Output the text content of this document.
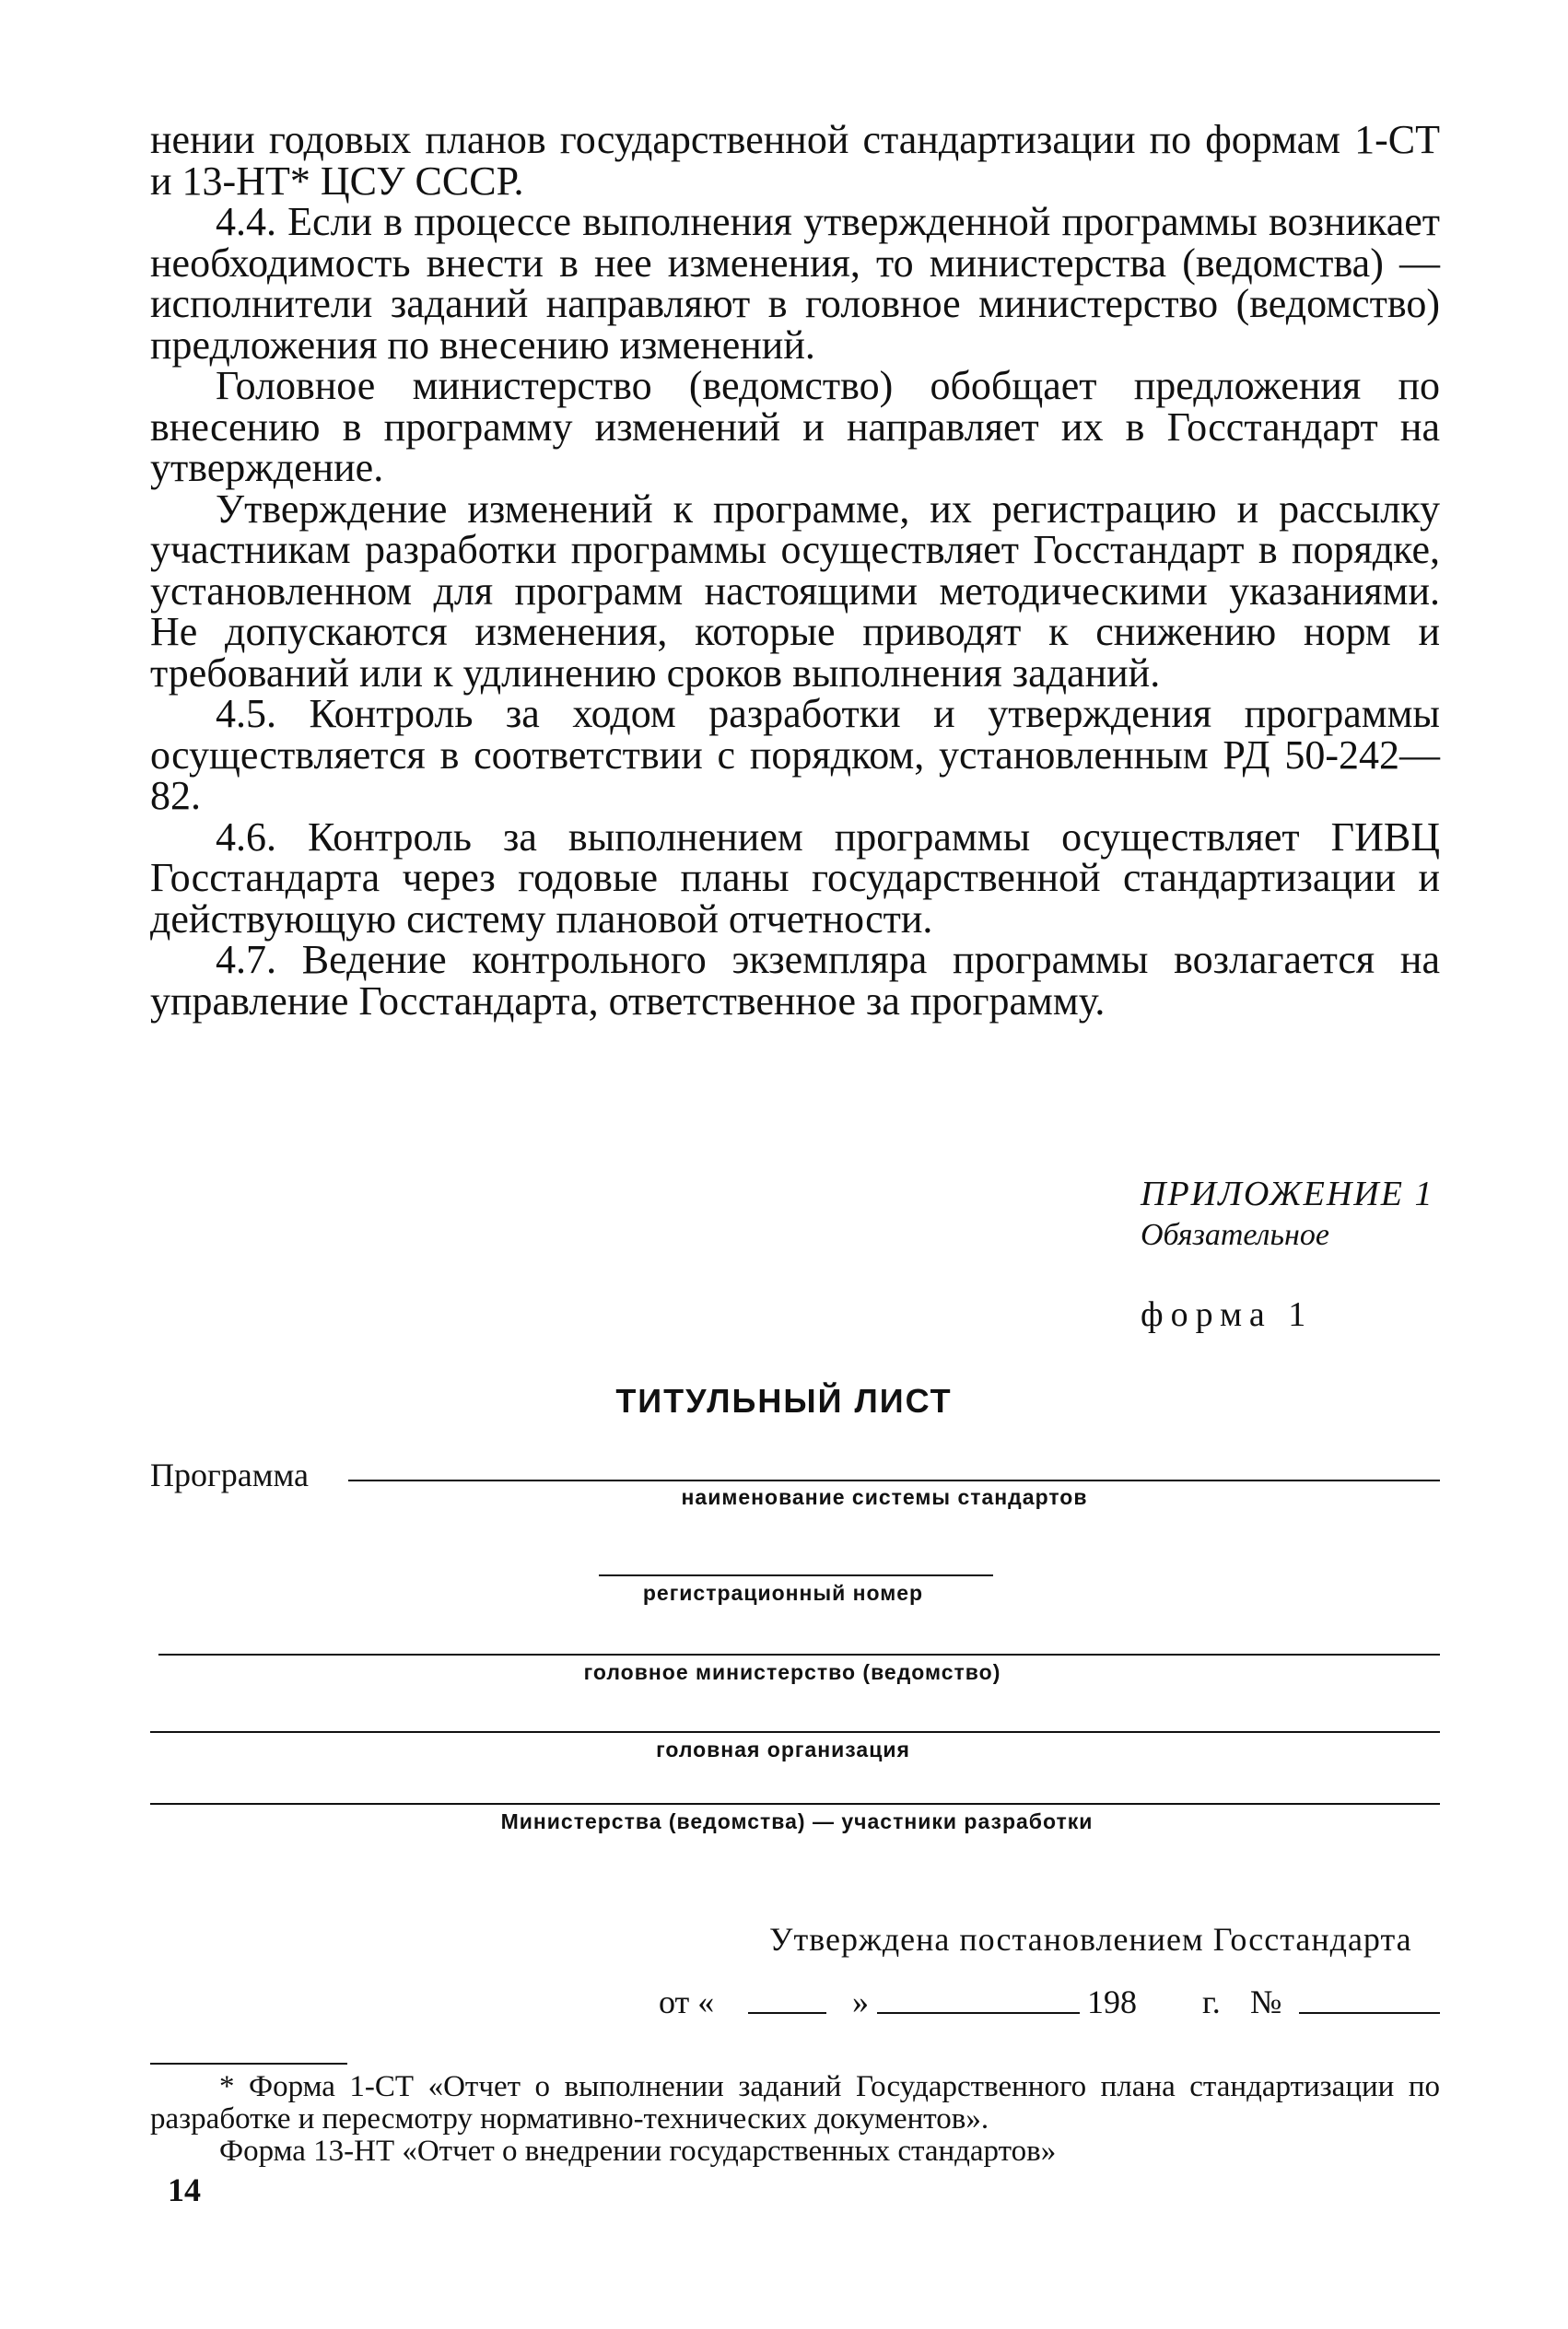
нении годовых планов государственной стандартизации по формам 1-СТ и 13-НТ* ЦСУ СССР.

4.4. Если в процессе выполнения утвержденной программы возникает необходимость внести в нее изменения, то министерства (ведомства) — исполнители заданий направляют в головное министерство (ведомство) предложения по внесению изменений.

Головное министерство (ведомство) обобщает предложения по внесению в программу изменений и направляет их в Госстандарт на утверждение.

Утверждение изменений к программе, их регистрацию и рассылку участникам разработки программы осуществляет Госстандарт в порядке, установленном для программ настоящими методическими указаниями. Не допускаются изменения, которые приводят к снижению норм и требований или к удлинению сроков выполнения заданий.

4.5. Контроль за ходом разработки и утверждения программы осуществляется в соответствии с порядком, установленным РД 50-242—82.

4.6. Контроль за выполнением программы осуществляет ГИВЦ Госстандарта через годовые планы государственной стандартизации и действующую систему плановой отчетности.

4.7. Ведение контрольного экземпляра программы возлагается на управление Госстандарта, ответственное за программу.

ПРИЛОЖЕНИЕ 1
Обязательное
форма 1
ТИТУЛЬНЫЙ ЛИСТ
Программа
наименование системы стандартов
регистрационный номер
головное министерство (ведомство)
головная организация
Министерства (ведомства) — участники разработки
Утверждена постановлением Госстандарта
от «	»	198 г. №

* Форма 1-СТ «Отчет о выполнении заданий Государственного плана стандартизации по разработке и пересмотру нормативно-технических документов».

Форма 13-НТ «Отчет о внедрении государственных стандартов»

14
